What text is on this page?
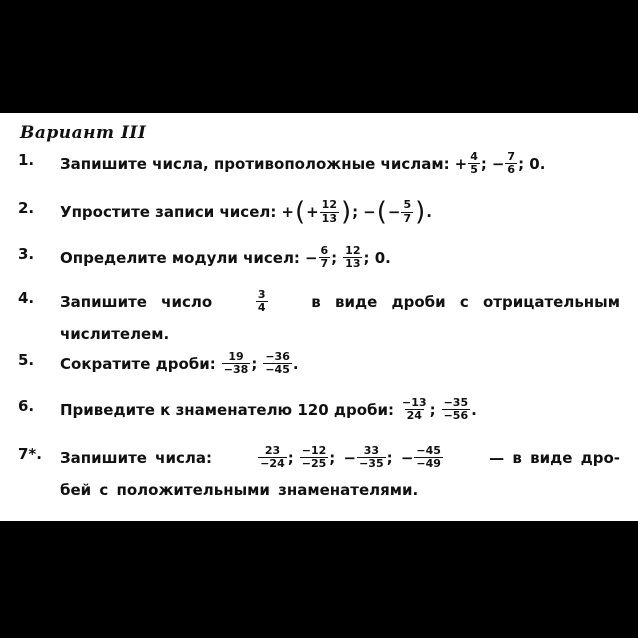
Вариант III
1.	Запишите числа, противоположные числам: + $\frac{4}{5}$ ; − $\frac{7}{6}$ ; 0.
2.	Упростите записи чисел: + ( + $\frac{12}{13}$ ) ; − ( − $\frac{5}{7}$ ) .
3.	Определите модули чисел: − $\frac{6}{7}$ ; $\frac{12}{13}$ ; 0.
4.	Запишите число	$\frac{3}{4}$	в виде дроби с отрицательным
числителем.
5.	Сократите дроби: $\frac{19}{-38}$ ; $\frac{-36}{-45}$ .
6.	Приведите к знаменателю 120 дроби: $\frac{-13}{24}$ ; $\frac{-35}{-56}$ .
7*.	Запишите числа:	$\frac{23}{-24}$ ; $\frac{-12}{-25}$ ; − $\frac{33}{-35}$ ; − $\frac{-45}{-49}$	— в виде дро-
бей с положительными знаменателями.
